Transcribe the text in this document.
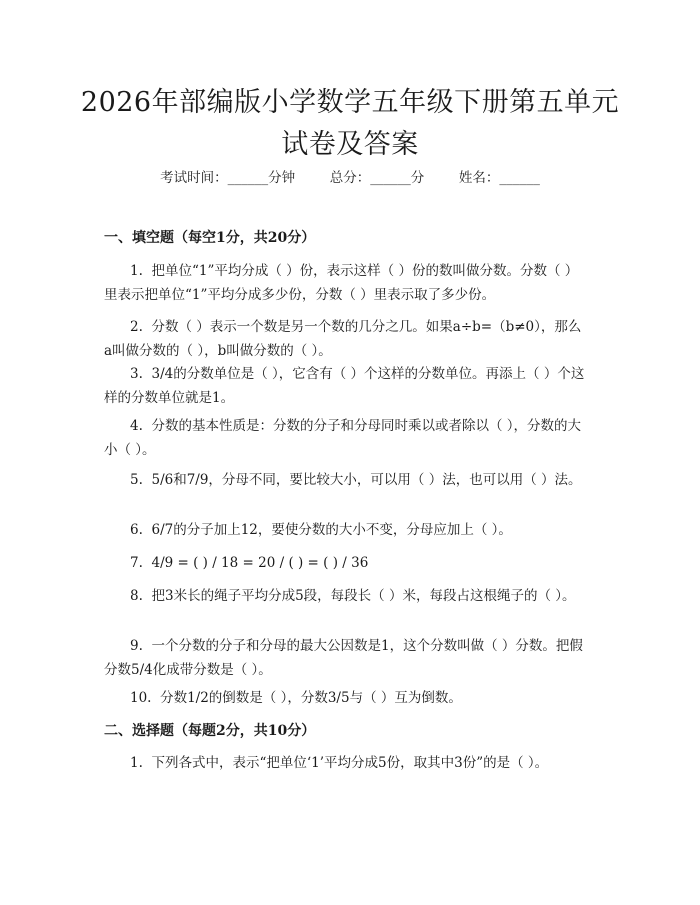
2026年部编版小学数学五年级下册第五单元
试卷及答案
考试时间：______分钟	总分：______分	姓名：______
一、填空题（每空1分，共20分）
1. 把单位“1”平均分成（ ）份，表示这样（ ）份的数叫做分数。分数（ ）里表示把单位“1”平均分成多少份，分数（ ）里表示取了多少份。
2. 分数（ ）表示一个数是另一个数的几分之几。如果a÷b=（b≠0），那么a叫做分数的（ ），b叫做分数的（ ）。
3. 3/4的分数单位是（ ），它含有（ ）个这样的分数单位。再添上（ ）个这样的分数单位就是1。
4. 分数的基本性质是：分数的分子和分母同时乘以或者除以（ ），分数的大小（ ）。
5. 5/6和7/9，分母不同，要比较大小，可以用（ ）法，也可以用（ ）法。
6. 6/7的分子加上12，要使分数的大小不变，分母应加上（ ）。
7. 4/9 = ( ) / 18 = 20 / ( ) = ( ) / 36
8. 把3米长的绳子平均分成5段，每段长（ ）米，每段占这根绳子的（ ）。
9. 一个分数的分子和分母的最大公因数是1，这个分数叫做（ ）分数。把假分数5/4化成带分数是（ ）。
10. 分数1/2的倒数是（ ），分数3/5与（ ）互为倒数。
二、选择题（每题2分，共10分）
1. 下列各式中，表示“把单位‘1’平均分成5份，取其中3份”的是（ ）。
